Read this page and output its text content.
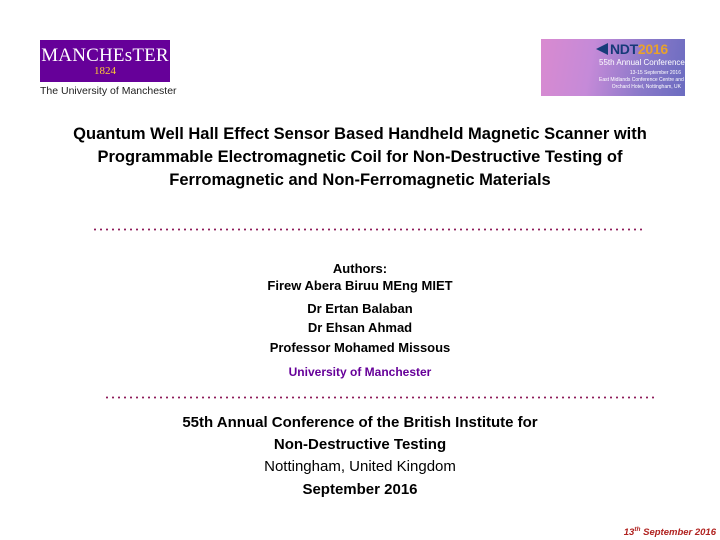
MANCHEsTER
1824
The University of Manchester
NDT2016
55th Annual Conference
13-15 September 2016
East Midlands Conference Centre and
Orchard Hotel, Nottingham, UK
Quantum Well Hall Effect Sensor Based Handheld Magnetic Scanner with Programmable Electromagnetic Coil for Non-Destructive Testing of Ferromagnetic and Non-Ferromagnetic Materials
Authors:
Firew Abera Biruu MEng MIET
Dr Ertan Balaban
Dr Ehsan Ahmad
Professor Mohamed Missous
University of Manchester
55th Annual Conference of the British Institute for
Non-Destructive Testing
Nottingham, United Kingdom
September 2016
13th September 2016
